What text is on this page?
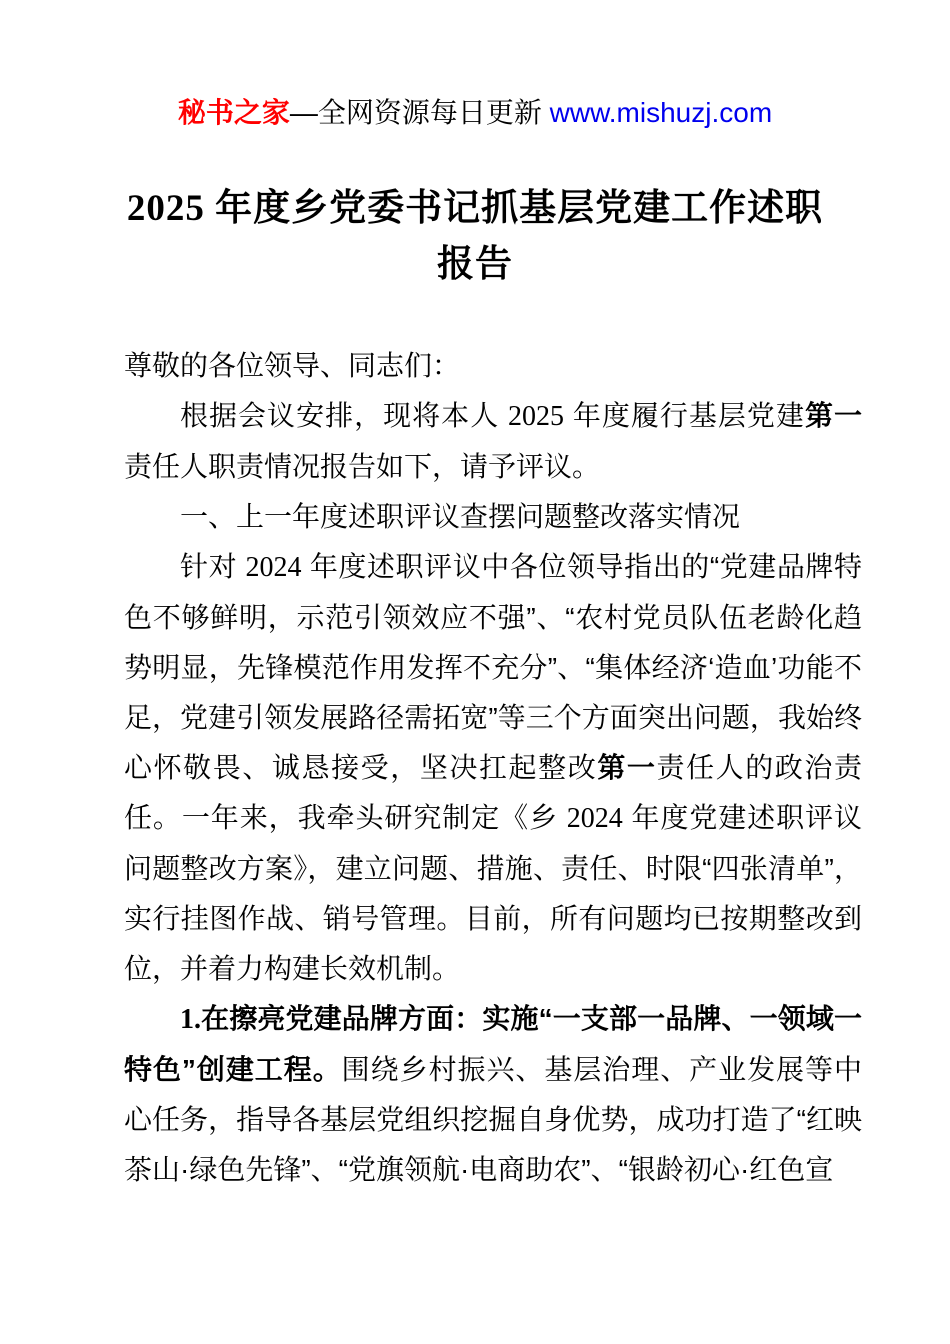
秘书之家—全网资源每日更新 www.mishuzj.com
2025 年度乡党委书记抓基层党建工作述职
报告

尊敬的各位领导、同志们：

根据会议安排，现将本人 2025 年度履行基层党建第一责任人职责情况报告如下，请予评议。

一、上一年度述职评议查摆问题整改落实情况

针对 2024 年度述职评议中各位领导指出的“党建品牌特色不够鲜明，示范引领效应不强”、“农村党员队伍老龄化趋势明显，先锋模范作用发挥不充分”、“集体经济‘造血’功能不足，党建引领发展路径需拓宽”等三个方面突出问题，我始终心怀敬畏、诚恳接受，坚决扛起整改第一责任人的政治责任。一年来，我牵头研究制定《乡 2024 年度党建述职评议问题整改方案》，建立问题、措施、责任、时限“四张清单”，实行挂图作战、销号管理。目前，所有问题均已按期整改到位，并着力构建长效机制。

1.在擦亮党建品牌方面：实施“一支部一品牌、一领域一特色”创建工程。围绕乡村振兴、基层治理、产业发展等中心任务，指导各基层党组织挖掘自身优势，成功打造了“红映茶山·绿色先锋”、“党旗领航·电商助农”、“银龄初心·红色宣
